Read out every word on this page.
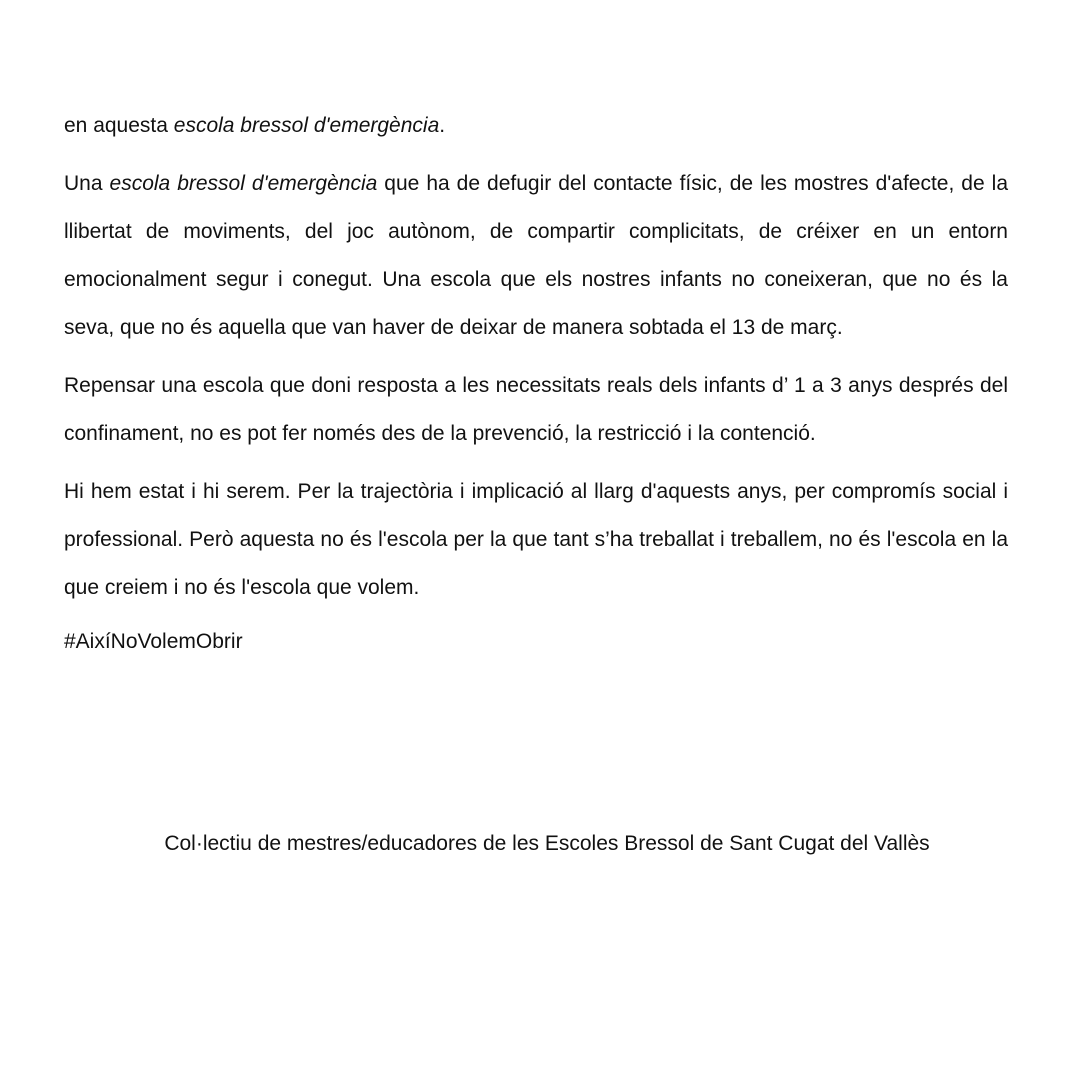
en aquesta escola bressol d'emergència.

Una escola bressol d'emergència que ha de defugir del contacte físic, de les mostres d'afecte, de la llibertat de moviments, del joc autònom, de compartir complicitats, de créixer en un entorn emocionalment segur i conegut. Una escola que els nostres infants no coneixeran, que no és la seva, que no és aquella que van haver de deixar de manera sobtada el 13 de març.

Repensar una escola que doni resposta a les necessitats reals dels infants d’ 1 a 3 anys després del confinament, no es pot fer només des de la prevenció, la restricció i la contenció.

Hi hem estat i hi serem. Per la trajectòria i implicació al llarg d'aquests anys, per compromís social i professional. Però aquesta no és l'escola per la que tant s’ha treballat i treballem, no és l'escola en la que creiem i no és l'escola que volem.

#AixíNoVolemObrir

Col·lectiu de mestres/educadores de les Escoles Bressol de Sant Cugat del Vallès
